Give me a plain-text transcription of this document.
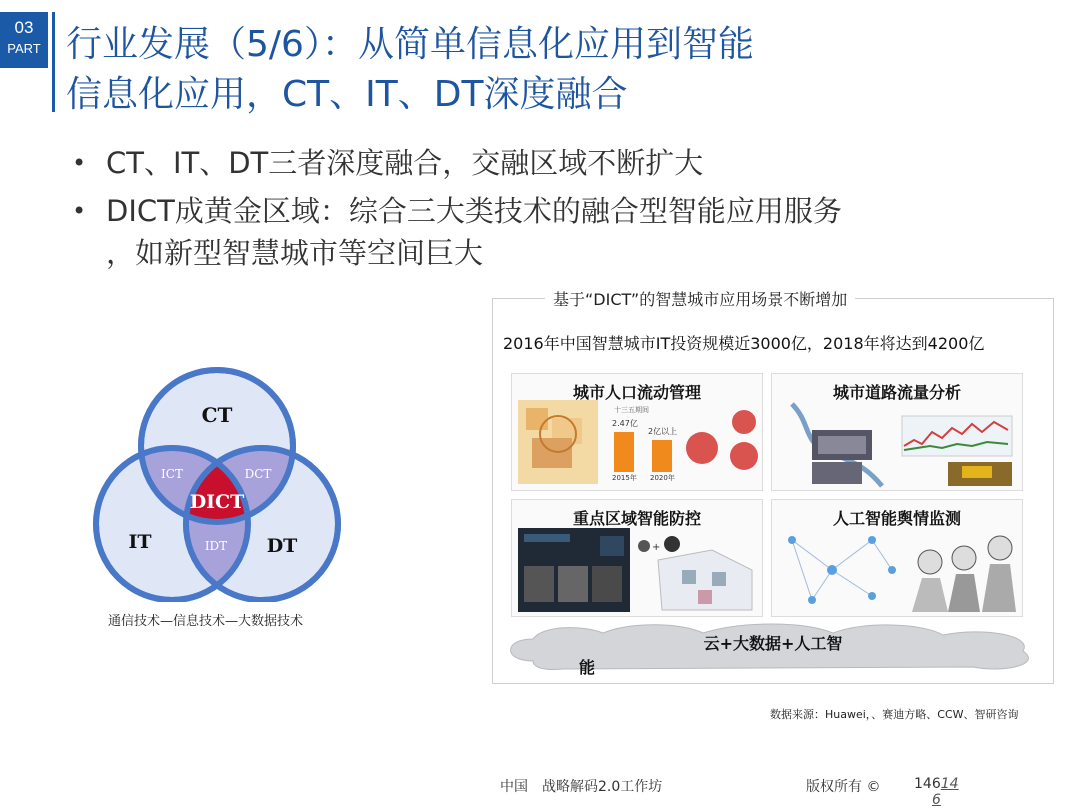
03
PART 行业发展（5/6）：从简单信息化应用到智能
信息化应用，CT、IT、DT深度融合
• CT、IT、DT三者深度融合，交融区域不断扩大
• DICT成黄金区域：综合三大类技术的融合型智能应用服务
，如新型智慧城市等空间巨大
CT
IT	DT
ICT	DCT
IDT
DICT
通信技术—信息技术—大数据技术
基于“DICT”的智慧城市应用场景不断增加
2016年中国智慧城市IT投资规模近3000亿，2018年将达到4200亿
2.47亿
2亿以上
2015年 2020年
十三五期间
城市人口流动管理	城市道路流量分析
+
重点区域智能防控	人工智能舆情监测
云+大数据+人工智
能
数据来源：Huawei，、赛迪方略、CCW、智研咨询
中国　战略解码2.0工作坊	版权所有 © 14614
6
